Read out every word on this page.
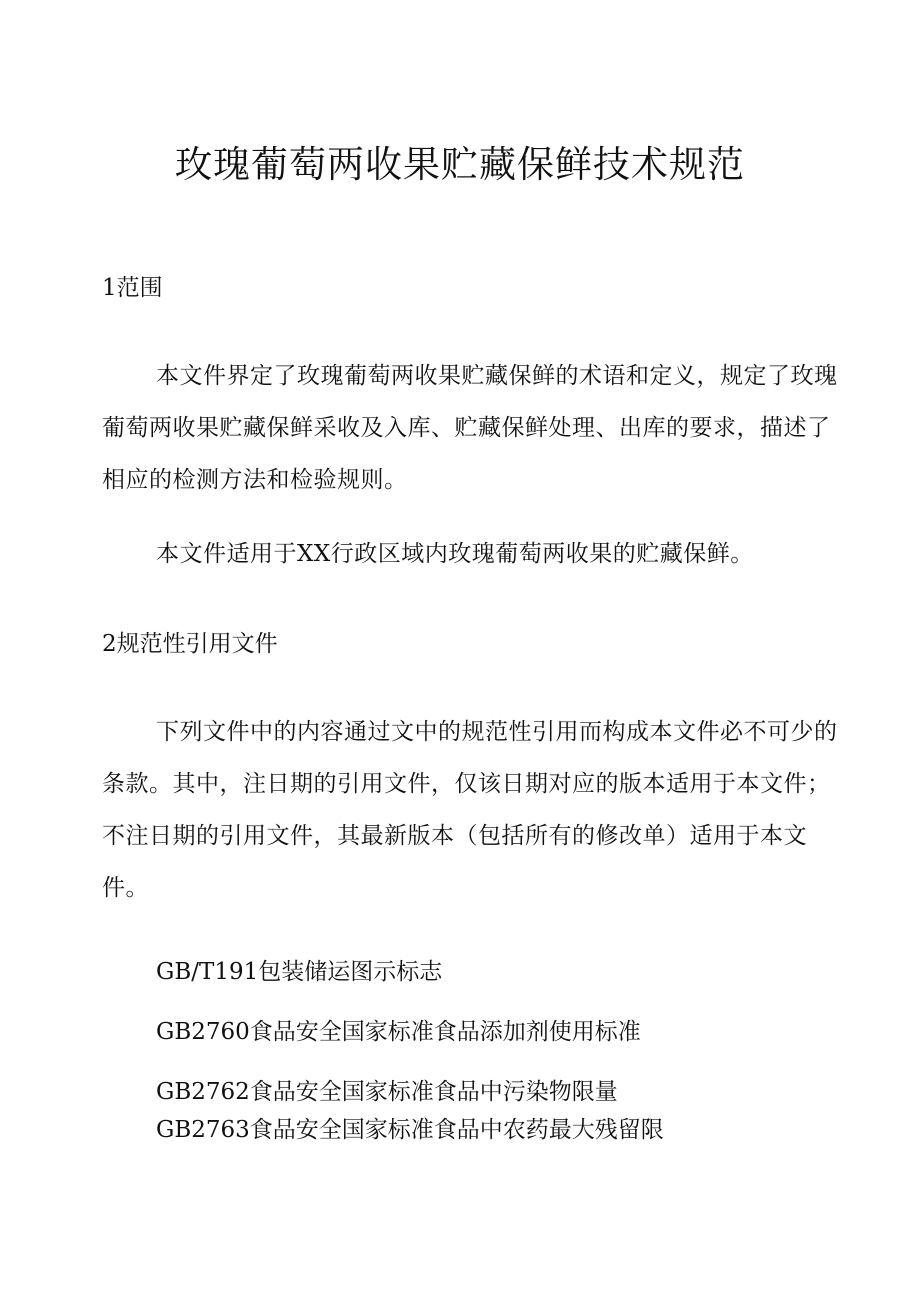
玫瑰葡萄两收果贮藏保鲜技术规范
1范围

本文件界定了玫瑰葡萄两收果贮藏保鲜的术语和定义，规定了玫瑰葡萄两收果贮藏保鲜采收及入库、贮藏保鲜处理、出库的要求，描述了相应的检测方法和检验规则。

本文件适用于XX行政区域内玫瑰葡萄两收果的贮藏保鲜。

2规范性引用文件

下列文件中的内容通过文中的规范性引用而构成本文件必不可少的条款。其中，注日期的引用文件，仅该日期对应的版本适用于本文件；不注日期的引用文件，其最新版本（包括所有的修改单）适用于本文件。

GB/T191包装储运图示标志

GB2760食品安全国家标准食品添加剂使用标准

GB2762食品安全国家标准食品中污染物限量

GB2763食品安全国家标准食品中农药最大残留限
